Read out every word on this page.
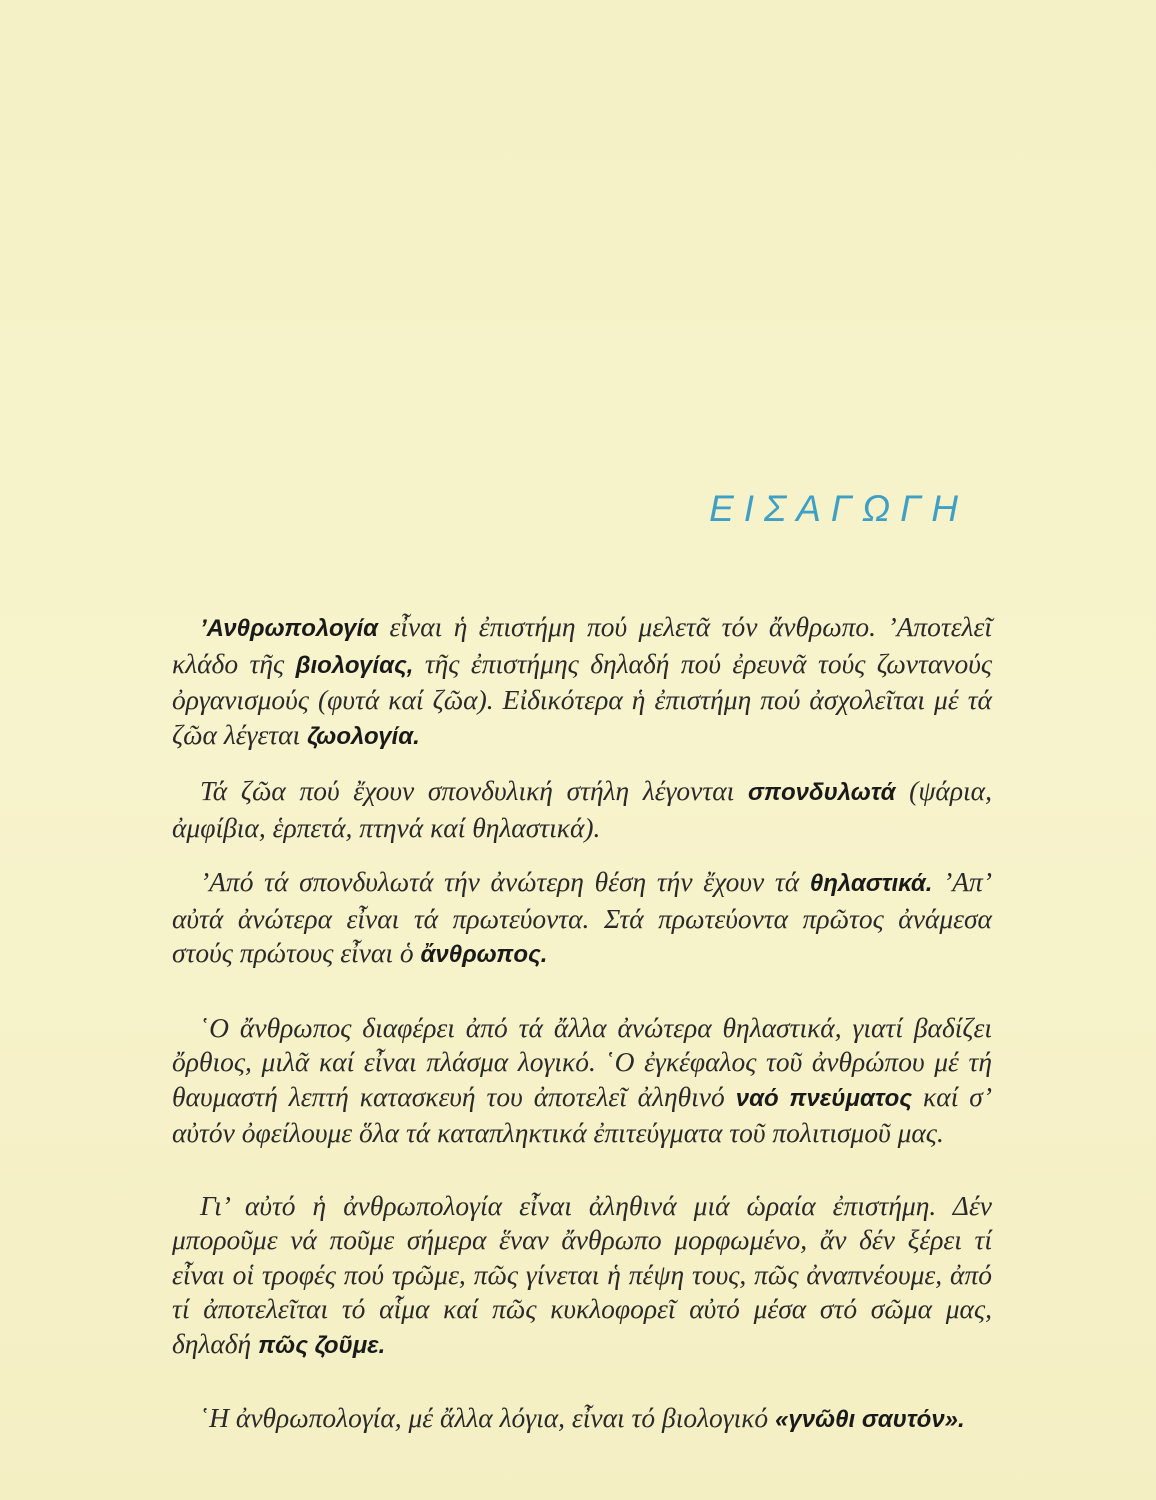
ΕΙΣΑΓΩΓΗ

’Ανθρωπολογία εἶναι ἡ ἐπιστήμη πού μελετᾶ τόν ἄνθρωπο. ’Αποτελεῖ κλάδο τῆς βιολογίας, τῆς ἐπιστήμης δηλαδή πού ἐρευνᾶ τούς ζωντανούς ὀργανισμούς (φυτά καί ζῶα). Εἰδικότερα ἡ ἐπιστήμη πού ἀσχολεῖται μέ τά ζῶα λέγεται ζωολογία.

Τά ζῶα πού ἔχουν σπονδυλική στήλη λέγονται σπονδυλωτά (ψάρια, ἀμφίβια, ἑρπετά, πτηνά καί θηλαστικά).

’Από τά σπονδυλωτά τήν ἀνώτερη θέση τήν ἔχουν τά θηλαστικά. ’Απ’ αὐτά ἀνώτερα εἶναι τά πρωτεύοντα. Στά πρωτεύοντα πρῶτος ἀνάμεσα στούς πρώτους εἶναι ὁ ἄνθρωπος.

῾Ο ἄνθρωπος διαφέρει ἀπό τά ἄλλα ἀνώτερα θηλαστικά, γιατί βαδίζει ὄρθιος, μιλᾶ καί εἶναι πλάσμα λογικό. ῾Ο ἐγκέφαλος τοῦ ἀνθρώπου μέ τή θαυμαστή λεπτή κατασκευή του ἀποτελεῖ ἀληθινό ναό πνεύματος καί σ’ αὐτόν ὀφείλουμε ὅλα τά καταπληκτικά ἐπιτεύγματα τοῦ πολιτισμοῦ μας.

Γι’ αὐτό ἡ ἀνθρωπολογία εἶναι ἀληθινά μιά ὡραία ἐπιστήμη. Δέν μποροῦμε νά ποῦμε σήμερα ἕναν ἄνθρωπο μορφωμένο, ἄν δέν ξέρει τί εἶναι οἱ τροφές πού τρῶμε, πῶς γίνεται ἡ πέψη τους, πῶς ἀναπνέουμε, ἀπό τί ἀποτελεῖται τό αἷμα καί πῶς κυκλοφορεῖ αὐτό μέσα στό σῶμα μας, δηλαδή πῶς ζοῦμε.

῾Η ἀνθρωπολογία, μέ ἄλλα λόγια, εἶναι τό βιολογικό «γνῶθι σαυτόν».
